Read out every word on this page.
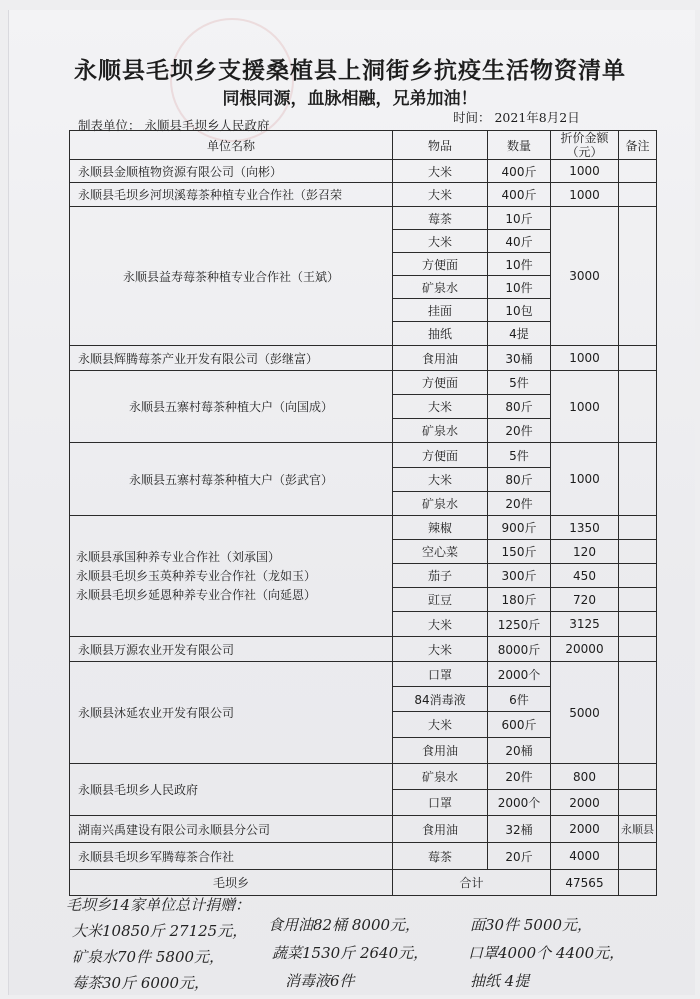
永顺县毛坝乡支援桑植县上洞街乡抗疫生活物资清单
同根同源，血脉相融，兄弟加油！
制表单位： 永顺县毛坝乡人民政府
时间： 2021年8月2日
单位名称	物品	数量	折价金额（元）	备注
永顺县金顺植物资源有限公司（向彬）	大米	400斤	1000	
永顺县毛坝乡河坝溪莓茶种植专业合作社（彭召荣	大米	400斤	1000	
永顺县益寿莓茶种植专业合作社（王斌）	莓茶	10斤	3000	
	大米	40斤		
	方便面	10件		
	矿泉水	10件		
	挂面	10包		
	抽纸	4提		
永顺县辉腾莓茶产业开发有限公司（彭继富）	食用油	30桶	1000	
永顺县五寨村莓茶种植大户（向国成）	方便面	5件	1000	
	大米	80斤		
	矿泉水	20件		
永顺县五寨村莓茶种植大户（彭武官）	方便面	5件	1000	
	大米	80斤		
	矿泉水	20件		

永顺县承国种养专业合作社（刘承国）
永顺县毛坝乡玉英种养专业合作社（龙如玉）
永顺县毛坝乡延恩种养专业合作社（向延恩）	辣椒	900斤	1350	
	空心菜	150斤	120	
	茄子	300斤	450	
	豇豆	180斤	720	
	大米	1250斤	3125	
永顺县万源农业开发有限公司	大米	8000斤	20000	
永顺县沐延农业开发有限公司	口罩	2000个	5000	
	84消毒液	6件		
	大米	600斤		
	食用油	20桶		
永顺县毛坝乡人民政府	矿泉水	20件	800	
	口罩	2000个	2000	
湖南兴禹建设有限公司永顺县分公司	食用油	32桶	2000	永顺县
永顺县毛坝乡军腾莓茶合作社	莓茶	20斤	4000	
毛坝乡	合计		47565	
毛坝乡14家单位总计捐赠：
大米10850斤 27125元， 食用油82桶 8000元，	面30件 5000元，
矿泉水70件 5800元，	蔬菜1530斤 2640元，	口罩4000个 4400元，
莓茶30斤 6000元，	消毒液6件	抽纸 4提
